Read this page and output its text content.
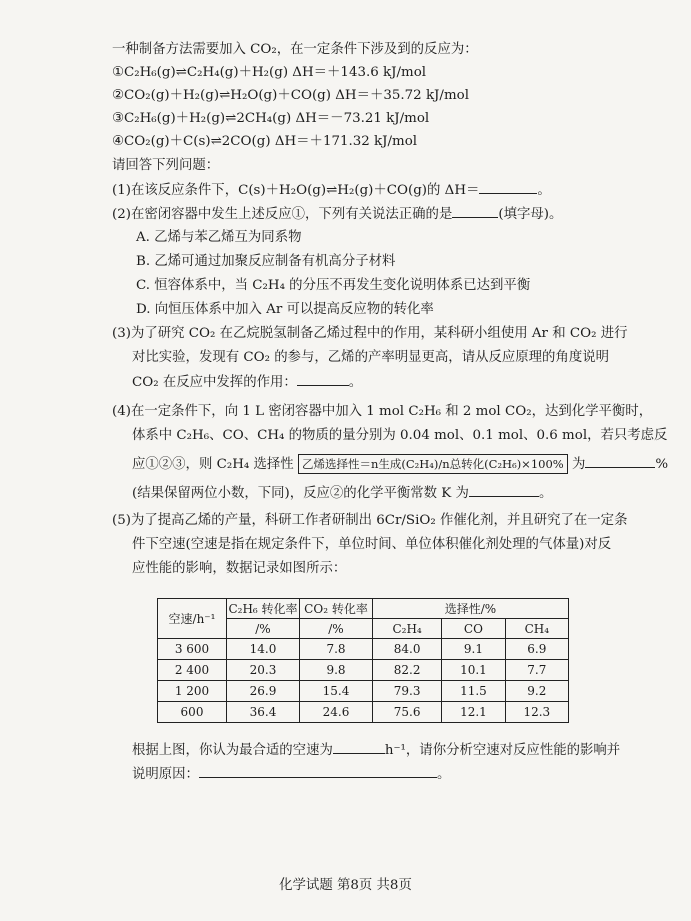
一种制备方法需要加入 CO₂，在一定条件下涉及到的反应为：
①C₂H₆(g)⇌C₂H₄(g)＋H₂(g) ΔH＝＋143.6 kJ/mol
②CO₂(g)＋H₂(g)⇌H₂O(g)＋CO(g) ΔH＝＋35.72 kJ/mol
③C₂H₆(g)＋H₂(g)⇌2CH₄(g) ΔH＝－73.21 kJ/mol
④CO₂(g)＋C(s)⇌2CO(g) ΔH＝＋171.32 kJ/mol
请回答下列问题：
(1)在该反应条件下，C(s)＋H₂O(g)⇌H₂(g)＋CO(g)的 ΔH＝	。
(2)在密闭容器中发生上述反应①，下列有关说法正确的是	(填字母)。
A. 乙烯与苯乙烯互为同系物
B. 乙烯可通过加聚反应制备有机高分子材料
C. 恒容体系中，当 C₂H₄ 的分压不再发生变化说明体系已达到平衡
D. 向恒压体系中加入 Ar 可以提高反应物的转化率
(3)为了研究 CO₂ 在乙烷脱氢制备乙烯过程中的作用，某科研小组使用 Ar 和 CO₂ 进行
对比实验，发现有 CO₂ 的参与，乙烯的产率明显更高，请从反应原理的角度说明
CO₂ 在反应中发挥的作用：	。
(4)在一定条件下，向 1 L 密闭容器中加入 1 mol C₂H₆ 和 2 mol CO₂，达到化学平衡时，
体系中 C₂H₆、CO、CH₄ 的物质的量分别为 0.04 mol、0.1 mol、0.6 mol，若只考虑反
应①②③，则 C₂H₄ 选择性 乙烯选择性＝n生成(C₂H₄)/n总转化(C₂H₆)×100% 为	%
(结果保留两位小数，下同)，反应②的化学平衡常数 K 为	。
(5)为了提高乙烯的产量，科研工作者研制出 6Cr/SiO₂ 作催化剂，并且研究了在一定条
件下空速(空速是指在规定条件下，单位时间、单位体积催化剂处理的气体量)对反
应性能的影响，数据记录如图所示：
空速/h⁻¹	C₂H₆ 转化率	CO₂ 转化率	选择性/%		
	/%	/%	C₂H₄	CO	CH₄
3 600	14.0	7.8	84.0	9.1	6.9
2 400	20.3	9.8	82.2	10.1	7.7
1 200	26.9	15.4	79.3	11.5	9.2
600	36.4	24.6	75.6	12.1	12.3
根据上图，你认为最合适的空速为	h⁻¹，请你分析空速对反应性能的影响并
说明原因：	。
化学试题 第8页 共8页
